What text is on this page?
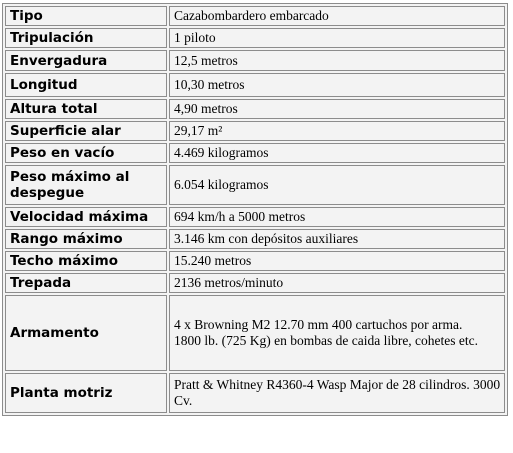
Tipo	Cazabombardero embarcado

Tripulación	1 piloto

Envergadura	12,5 metros

Longitud	10,30 metros

Altura total	4,90 metros

Superficie alar	29,17 m²

Peso en vacío	4.469 kilogramos

Peso máximo al despegue	6.054 kilogramos

Velocidad máxima	694 km/h a 5000 metros

Rango máximo	3.146 km con depósitos auxiliares

Techo máximo	15.240 metros

Trepada	2136 metros/minuto

Armamento	4 x Browning M2 12.70 mm 400 cartuchos por arma.
1800 lb. (725 Kg) en bombas de caida libre, cohetes etc.

Planta motriz	Pratt & Whitney R4360-4 Wasp Major de 28 cilindros. 3000 Cv.
